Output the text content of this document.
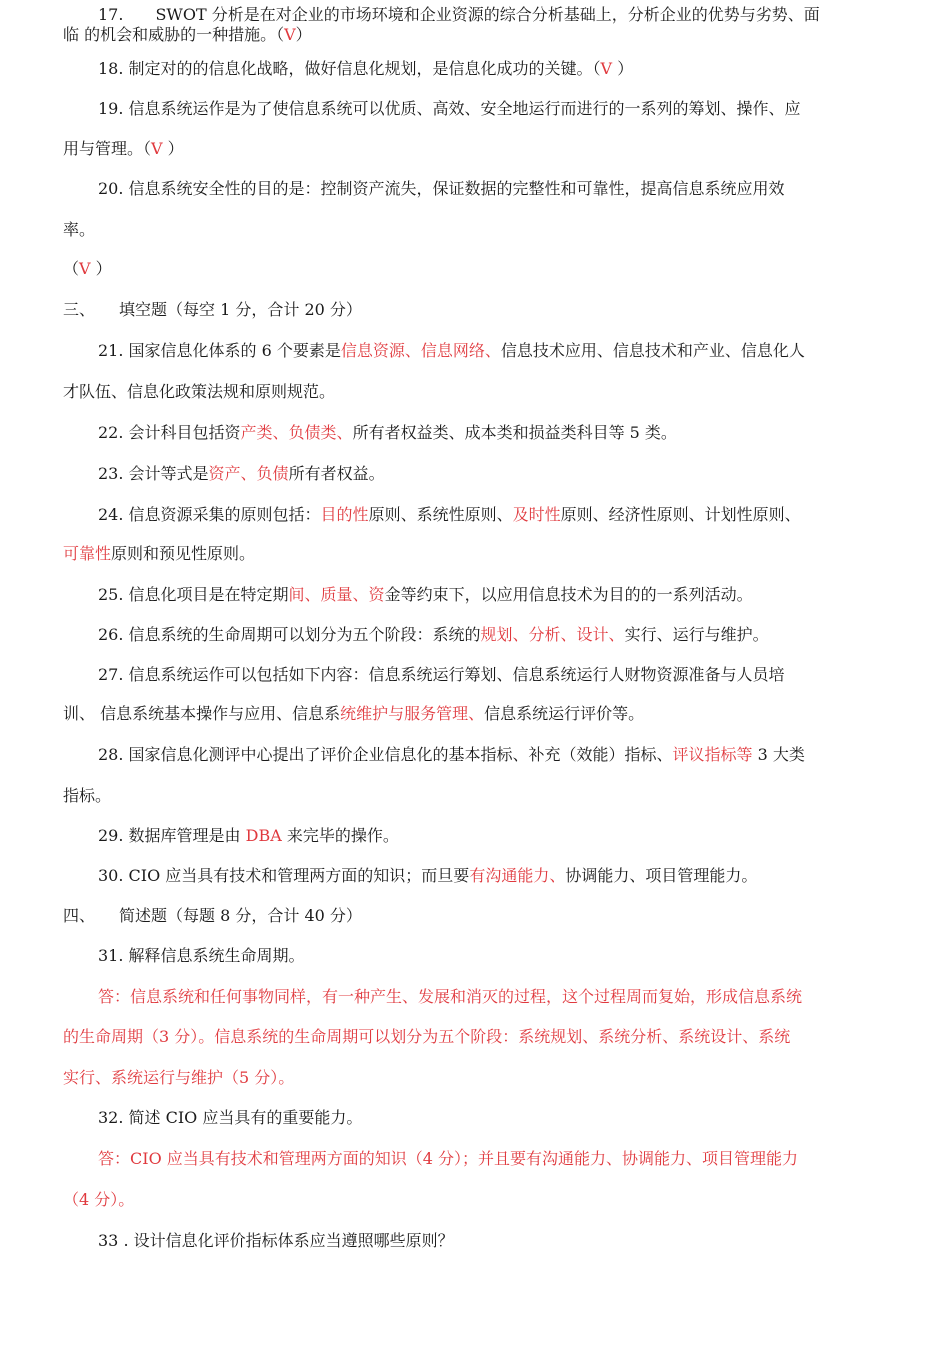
17.　　SWOT 分析是在对企业的市场环境和企业资源的综合分析基础上，分析企业的优势与劣势、面
临 的机会和威胁的一种措施。（V）
18. 制定对的的信息化战略，做好信息化规划，是信息化成功的关键。（V ）
19. 信息系统运作是为了使信息系统可以优质、高效、安全地运行而进行的一系列的筹划、操作、应
用与管理。（V ）
20. 信息系统安全性的目的是：控制资产流失，保证数据的完整性和可靠性，提高信息系统应用效
率。
（V ）
三、　　填空题（每空 1 分，合计 20 分）
21. 国家信息化体系的 6 个要素是信息资源、信息网络、信息技术应用、信息技术和产业、信息化人
才队伍、信息化政策法规和原则规范。
22. 会计科目包括资产类、负债类、所有者权益类、成本类和损益类科目等 5 类。
23. 会计等式是资产、负债所有者权益。
24. 信息资源采集的原则包括：目的性原则、系统性原则、及时性原则、经济性原则、计划性原则、
可靠性原则和预见性原则。
25. 信息化项目是在特定期间、质量、资金等约束下，以应用信息技术为目的的一系列活动。
26. 信息系统的生命周期可以划分为五个阶段：系统的规划、分析、设计、实行、运行与维护。
27. 信息系统运作可以包括如下内容：信息系统运行筹划、信息系统运行人财物资源准备与人员培
训、 信息系统基本操作与应用、信息系统维护与服务管理、信息系统运行评价等。
28. 国家信息化测评中心提出了评价企业信息化的基本指标、补充（效能）指标、评议指标等 3 大类
指标。
29. 数据库管理是由 DBA 来完毕的操作。
30. CIO 应当具有技术和管理两方面的知识；而旦要有沟通能力、协调能力、项目管理能力。
四、　　简述题（每题 8 分，合计 40 分）
31. 解释信息系统生命周期。
答：信息系统和任何事物同样，有一种产生、发展和消灭的过程，这个过程周而复始，形成信息系统
的生命周期（3 分）。信息系统的生命周期可以划分为五个阶段：系统规划、系统分析、系统设计、系统
实行、系统运行与维护（5 分）。
32. 简述 CIO 应当具有的重要能力。
答：CIO 应当具有技术和管理两方面的知识（4 分）；并且要有沟通能力、协调能力、项目管理能力
（4 分）。
33 . 设计信息化评价指标体系应当遵照哪些原则？
